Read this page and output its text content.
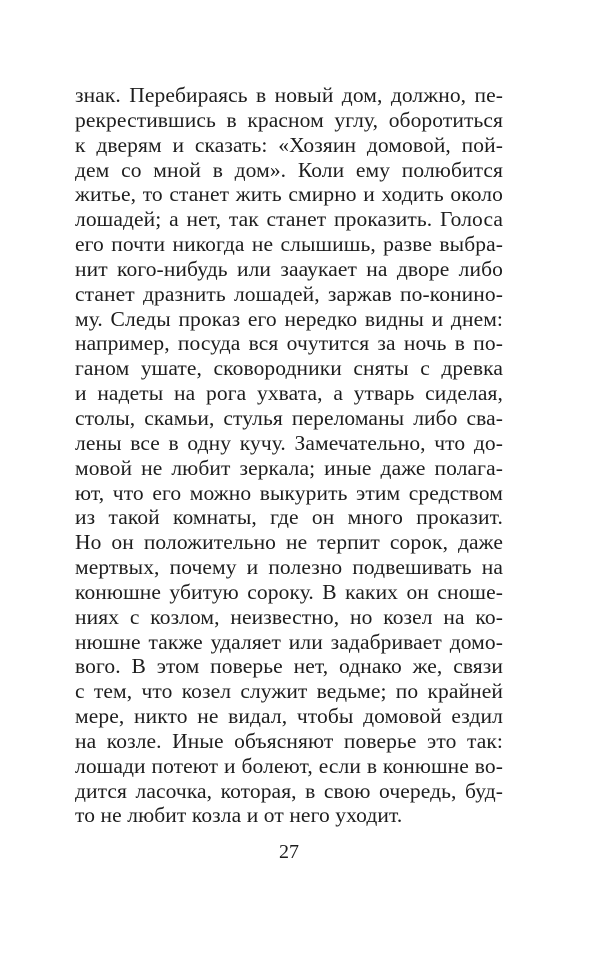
знак. Перебираясь в новый дом, должно, пе-
рекрестившись в красном углу, оборотиться
к дверям и сказать: «Хозяин домовой, пой-
дем со мной в дом». Коли ему полюбится
житье, то станет жить смирно и ходить около
лошадей; а нет, так станет проказить. Голоса
его почти никогда не слышишь, разве выбра-
нит кого-нибудь или зааукает на дворе либо
станет дразнить лошадей, заржав по-конино-
му. Следы проказ его нередко видны и днем:
например, посуда вся очутится за ночь в по-
ганом ушате, сковородники сняты с древка
и надеты на рога ухвата, а утварь сиделая,
столы, скамьи, стулья переломаны либо сва-
лены все в одну кучу. Замечательно, что до-
мовой не любит зеркала; иные даже полага-
ют, что его можно выкурить этим средством
из такой комнаты, где он много проказит.
Но он положительно не терпит сорок, даже
мертвых, почему и полезно подвешивать на
конюшне убитую сороку. В каких он сноше-
ниях с козлом, неизвестно, но козел на ко-
нюшне также удаляет или задабривает домо-
вого. В этом поверье нет, однако же, связи
с тем, что козел служит ведьме; по крайней
мере, никто не видал, чтобы домовой ездил
на козле. Иные объясняют поверье это так:
лошади потеют и болеют, если в конюшне во-
дится ласочка, которая, в свою очередь, буд-
то не любит козла и от него уходит.
27
